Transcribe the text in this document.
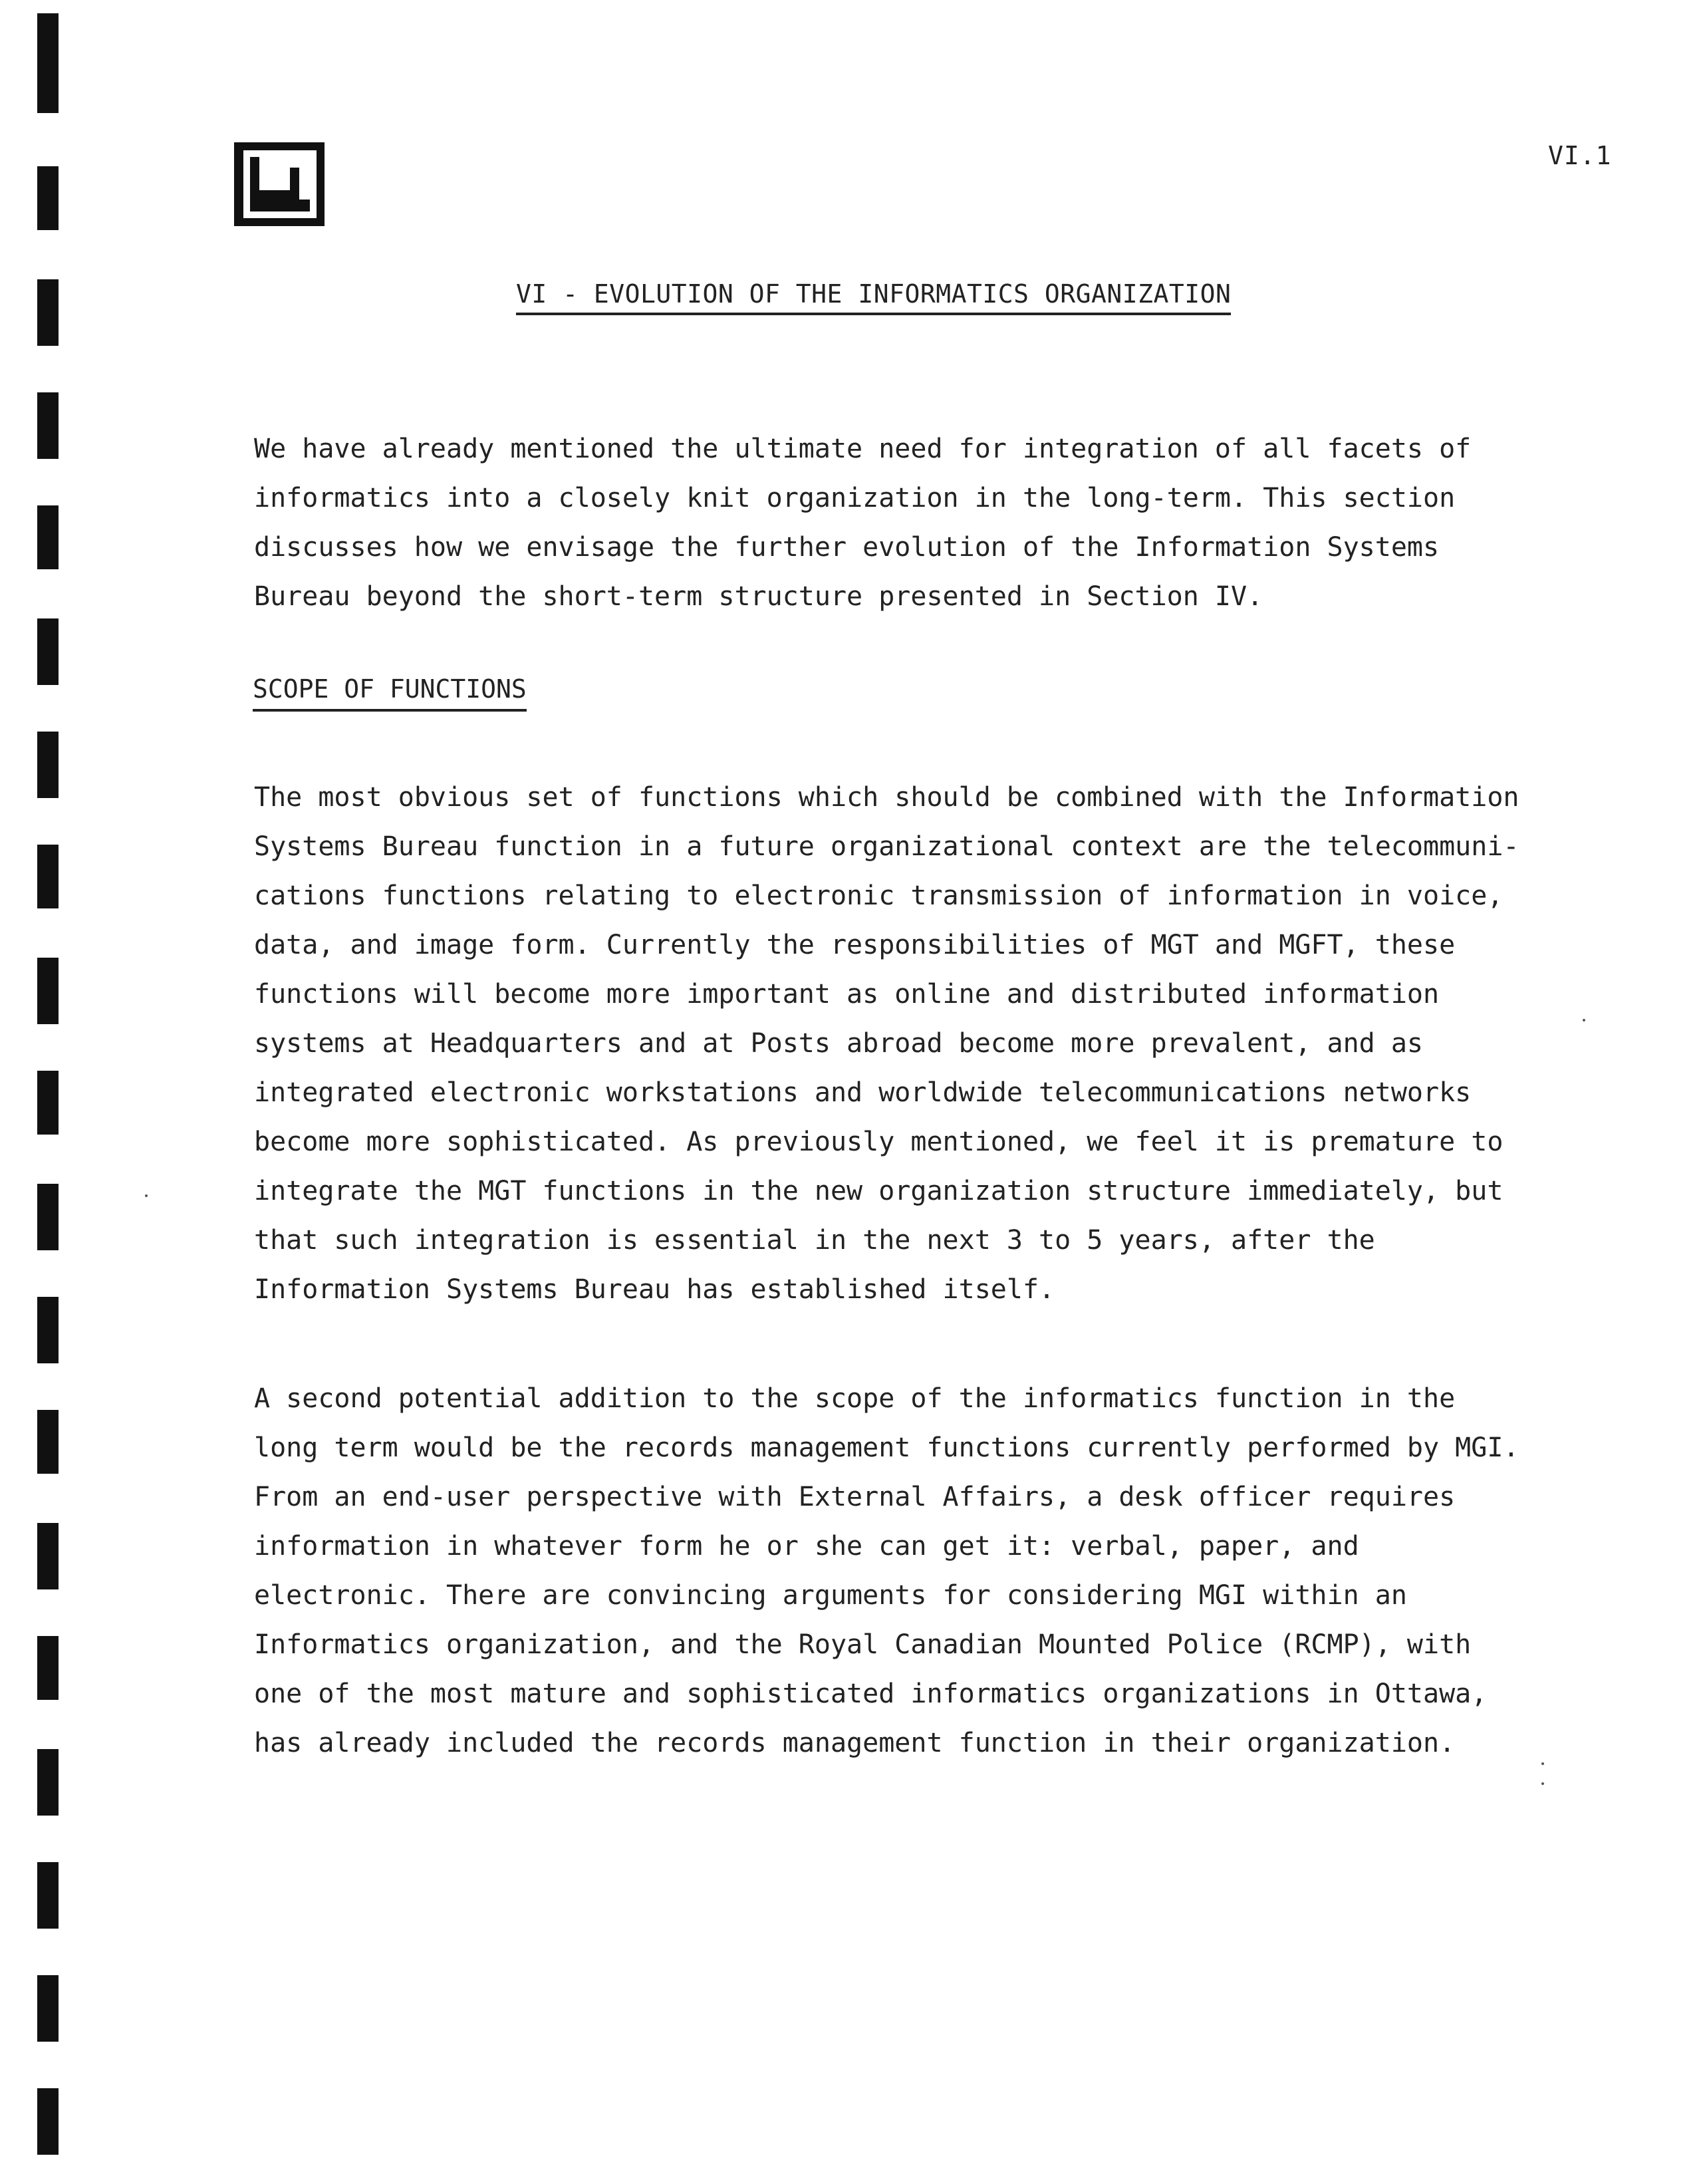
VI.1
VI - EVOLUTION OF THE INFORMATICS ORGANIZATION
We have already mentioned the ultimate need for integration of all facets of
informatics into a closely knit organization in the long-term. This section
discusses how we envisage the further evolution of the Information Systems
Bureau beyond the short-term structure presented in Section IV.
SCOPE OF FUNCTIONS
The most obvious set of functions which should be combined with the Information
Systems Bureau function in a future organizational context are the telecommuni-
cations functions relating to electronic transmission of information in voice,
data, and image form. Currently the responsibilities of MGT and MGFT, these
functions will become more important as online and distributed information
systems at Headquarters and at Posts abroad become more prevalent, and as
integrated electronic workstations and worldwide telecommunications networks
become more sophisticated. As previously mentioned, we feel it is premature to
integrate the MGT functions in the new organization structure immediately, but
that such integration is essential in the next 3 to 5 years, after the
Information Systems Bureau has established itself.
A second potential addition to the scope of the informatics function in the
long term would be the records management functions currently performed by MGI.
From an end-user perspective with External Affairs, a desk officer requires
information in whatever form he or she can get it: verbal, paper, and
electronic. There are convincing arguments for considering MGI within an
Informatics organization, and the Royal Canadian Mounted Police (RCMP), with
one of the most mature and sophisticated informatics organizations in Ottawa,
has already included the records management function in their organization.
